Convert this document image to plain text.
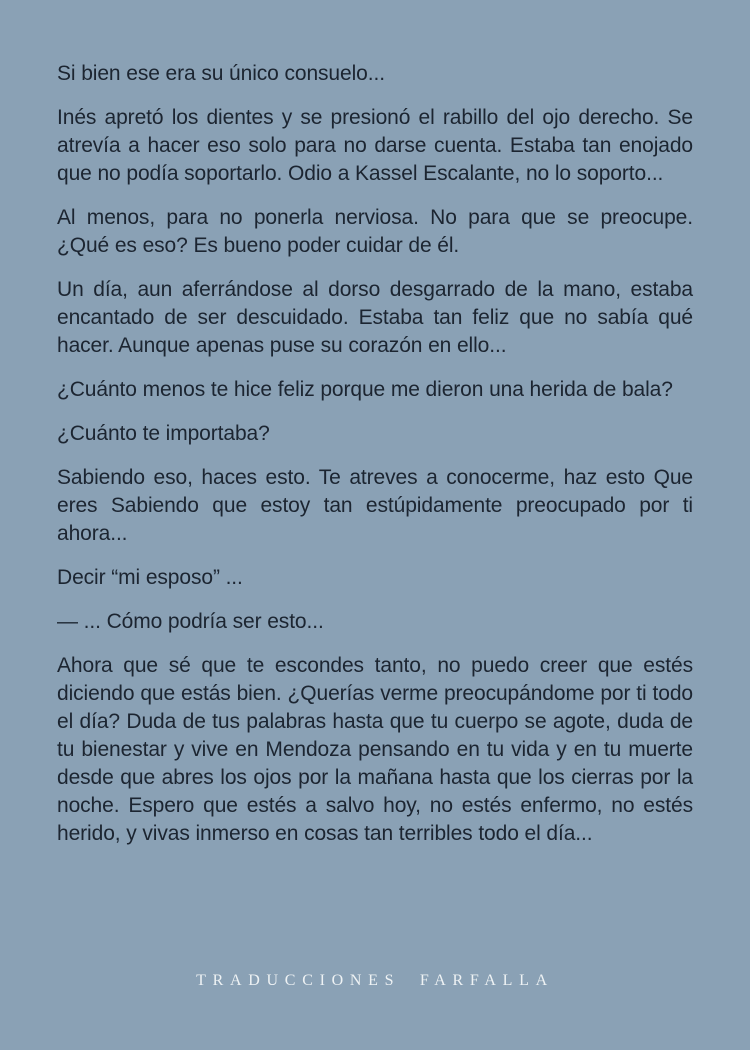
Si bien ese era su único consuelo...

Inés apretó los dientes y se presionó el rabillo del ojo derecho. Se atrevía a hacer eso solo para no darse cuenta. Estaba tan enojado que no podía soportarlo. Odio a Kassel Escalante, no lo soporto...

Al menos, para no ponerla nerviosa. No para que se preocupe. ¿Qué es eso? Es bueno poder cuidar de él.

Un día, aun aferrándose al dorso desgarrado de la mano, estaba encantado de ser descuidado. Estaba tan feliz que no sabía qué hacer. Aunque apenas puse su corazón en ello...

¿Cuánto menos te hice feliz porque me dieron una herida de bala?

¿Cuánto te importaba?

Sabiendo eso, haces esto. Te atreves a conocerme, haz esto Que eres Sabiendo que estoy tan estúpidamente preocupado por ti ahora...

Decir “mi esposo” ...

— ... Cómo podría ser esto...

Ahora que sé que te escondes tanto, no puedo creer que estés diciendo que estás bien. ¿Querías verme preocupándome por ti todo el día? Duda de tus palabras hasta que tu cuerpo se agote, duda de tu bienestar y vive en Mendoza pensando en tu vida y en tu muerte desde que abres los ojos por la mañana hasta que los cierras por la noche. Espero que estés a salvo hoy, no estés enfermo, no estés herido, y vivas inmerso en cosas tan terribles todo el día...

TRADUCCIONES FARFALLA
